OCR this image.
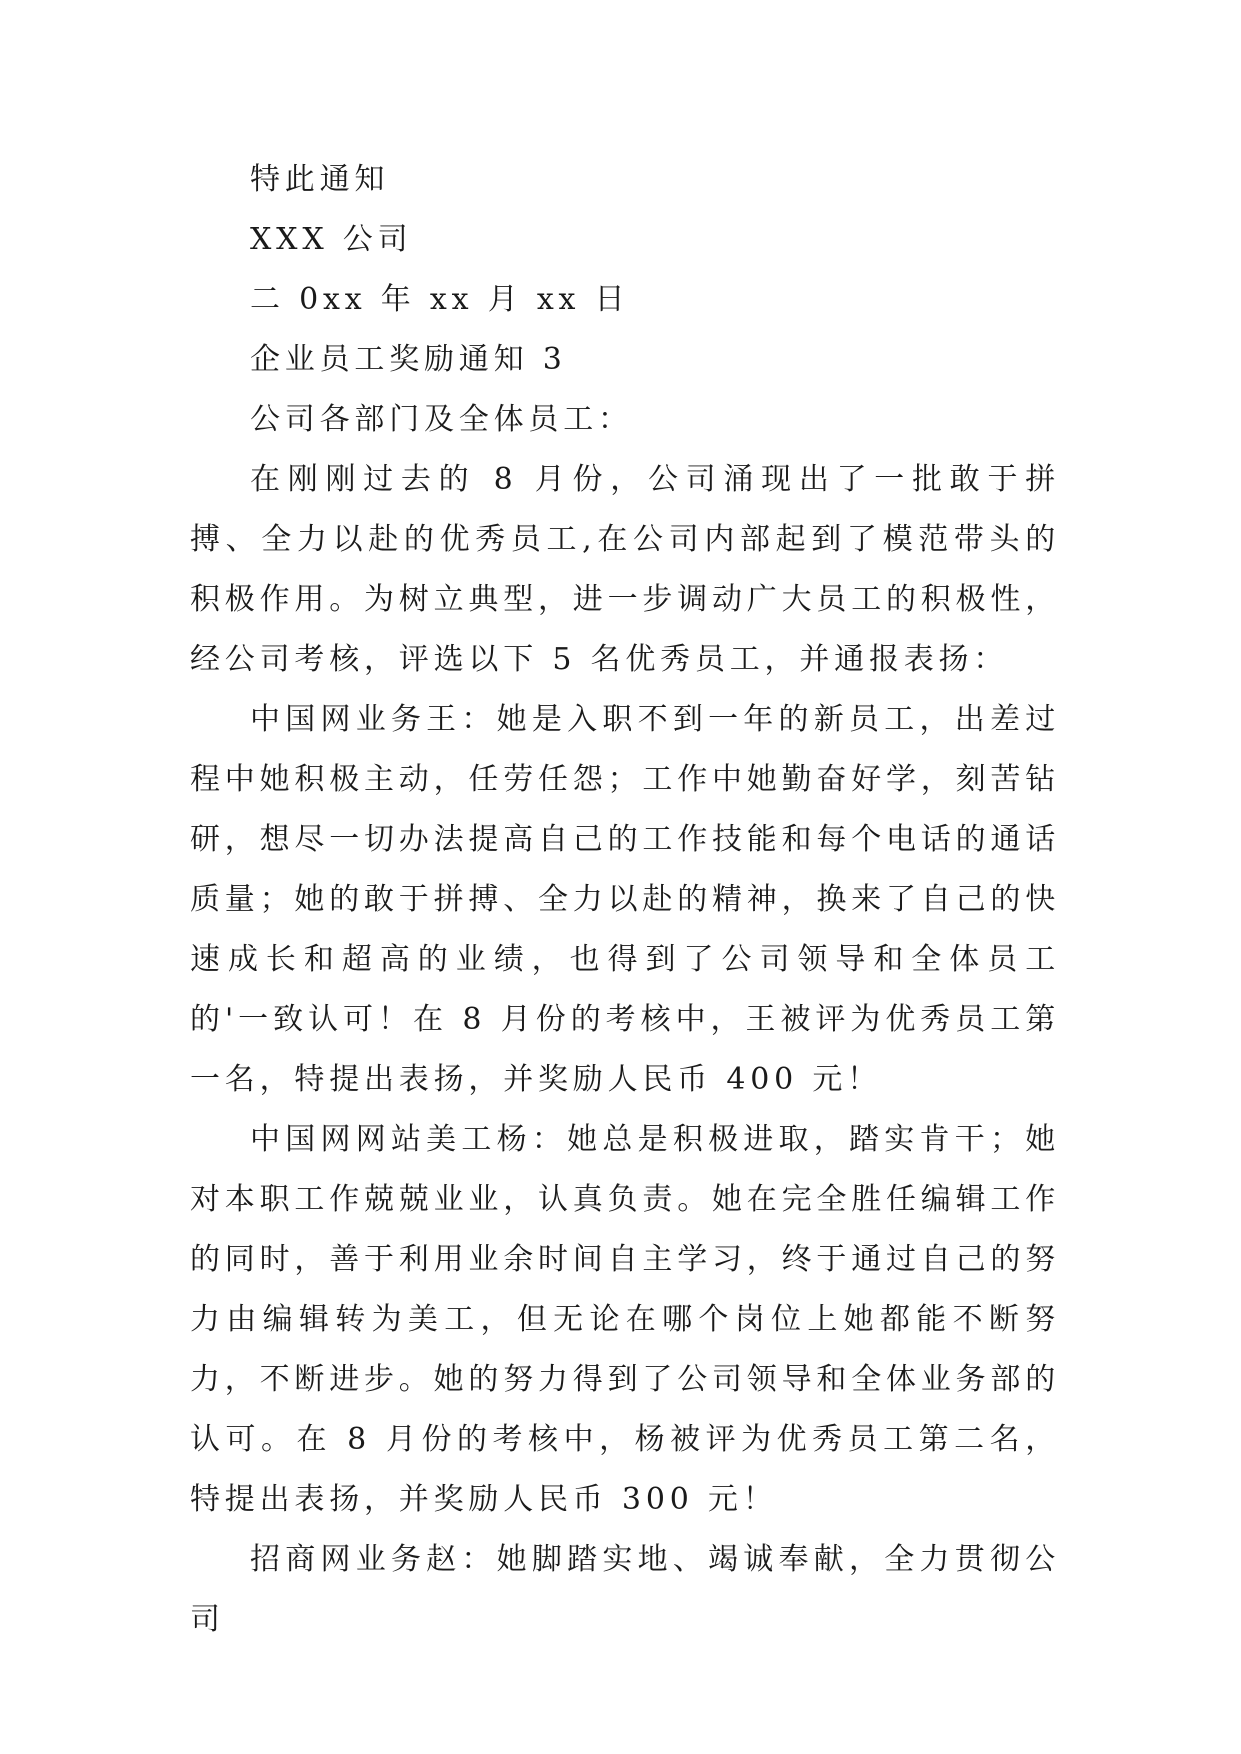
特此通知

XXX 公司

二 0xx 年 xx 月 xx 日

企业员工奖励通知 3

公司各部门及全体员工：

在刚刚过去的 8 月份，公司涌现出了一批敢于拼搏、全力以赴的优秀员工,在公司内部起到了模范带头的积极作用。为树立典型，进一步调动广大员工的积极性，经公司考核，评选以下 5 名优秀员工，并通报表扬：

中国网业务王：她是入职不到一年的新员工，出差过程中她积极主动，任劳任怨；工作中她勤奋好学，刻苦钻研，想尽一切办法提高自己的工作技能和每个电话的通话质量；她的敢于拼搏、全力以赴的精神，换来了自己的快速成长和超高的业绩，也得到了公司领导和全体员工的'一致认可！在 8 月份的考核中，王被评为优秀员工第一名，特提出表扬，并奖励人民币 400 元！

中国网网站美工杨：她总是积极进取，踏实肯干；她对本职工作兢兢业业，认真负责。她在完全胜任编辑工作的同时，善于利用业余时间自主学习，终于通过自己的努力由编辑转为美工，但无论在哪个岗位上她都能不断努力，不断进步。她的努力得到了公司领导和全体业务部的认可。在 8 月份的考核中，杨被评为优秀员工第二名，特提出表扬，并奖励人民币 300 元！

招商网业务赵：她脚踏实地、竭诚奉献，全力贯彻公司
